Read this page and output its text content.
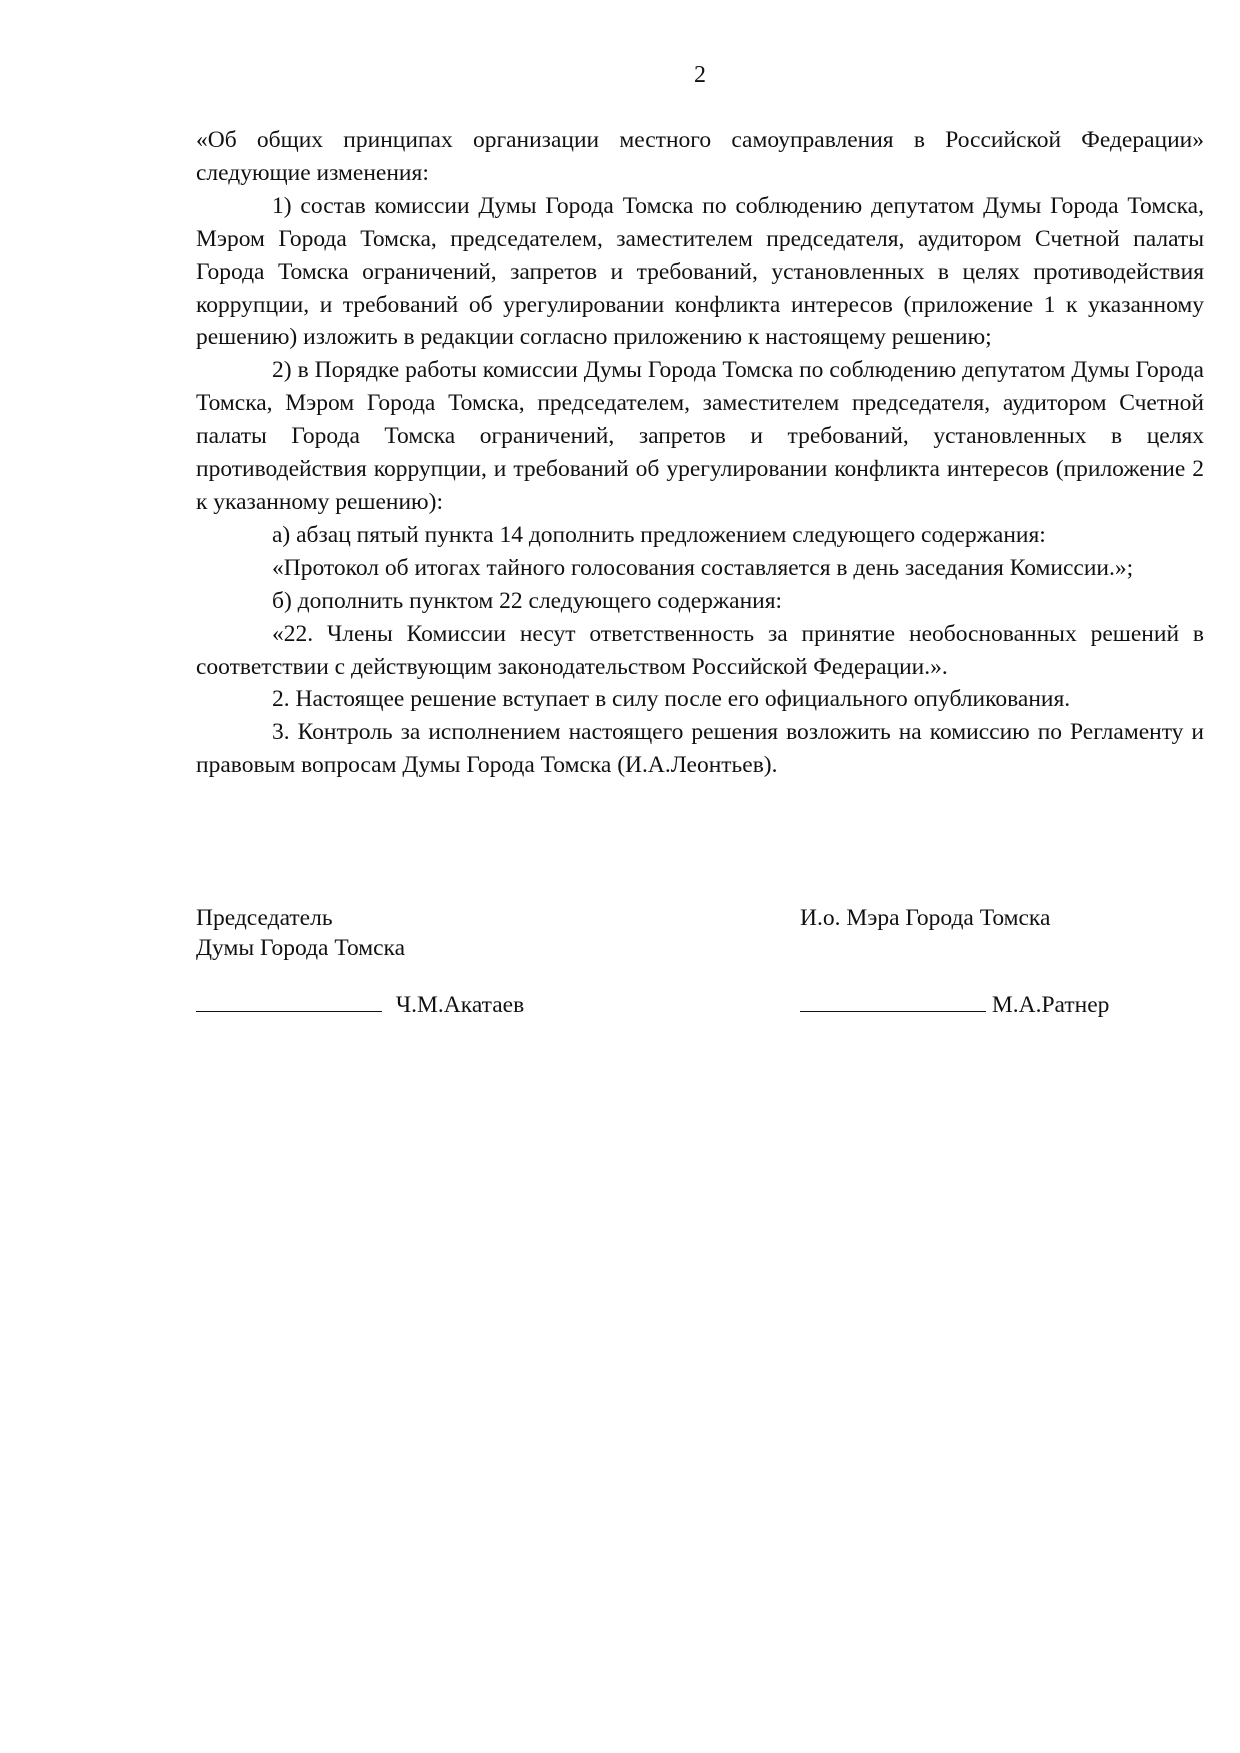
2

«Об общих принципах организации местного самоуправления в Российской Федерации» следующие изменения:

1) состав комиссии Думы Города Томска по соблюдению депутатом Думы Города Томска, Мэром Города Томска, председателем, заместителем председателя, аудитором Счетной палаты Города Томска ограничений, запретов и требований, установленных в целях противодействия коррупции, и требований об урегулировании конфликта интересов (приложение 1 к указанному решению) изложить в редакции согласно приложению к настоящему решению;

2) в Порядке работы комиссии Думы Города Томска по соблюдению депутатом Думы Города Томска, Мэром Города Томска, председателем, заместителем председателя, аудитором Счетной палаты Города Томска ограничений, запретов и требований, установленных в целях противодействия коррупции, и требований об урегулировании конфликта интересов (приложение 2 к указанному решению):

а) абзац пятый пункта 14 дополнить предложением следующего содержания:

«Протокол об итогах тайного голосования составляется в день заседания Комиссии.»;

б) дополнить пунктом 22 следующего содержания:

«22. Члены Комиссии несут ответственность за принятие необоснованных решений в соответствии с действующим законодательством Российской Федерации.».

2. Настоящее решение вступает в силу после его официального опубликования.

3. Контроль за исполнением настоящего решения возложить на комиссию по Регламенту и правовым вопросам Думы Города Томска (И.А.Леонтьев).

Председатель
Думы Города Томска
Ч.М.Акатаев
И.о. Мэра Города Томска
М.А.Ратнер
